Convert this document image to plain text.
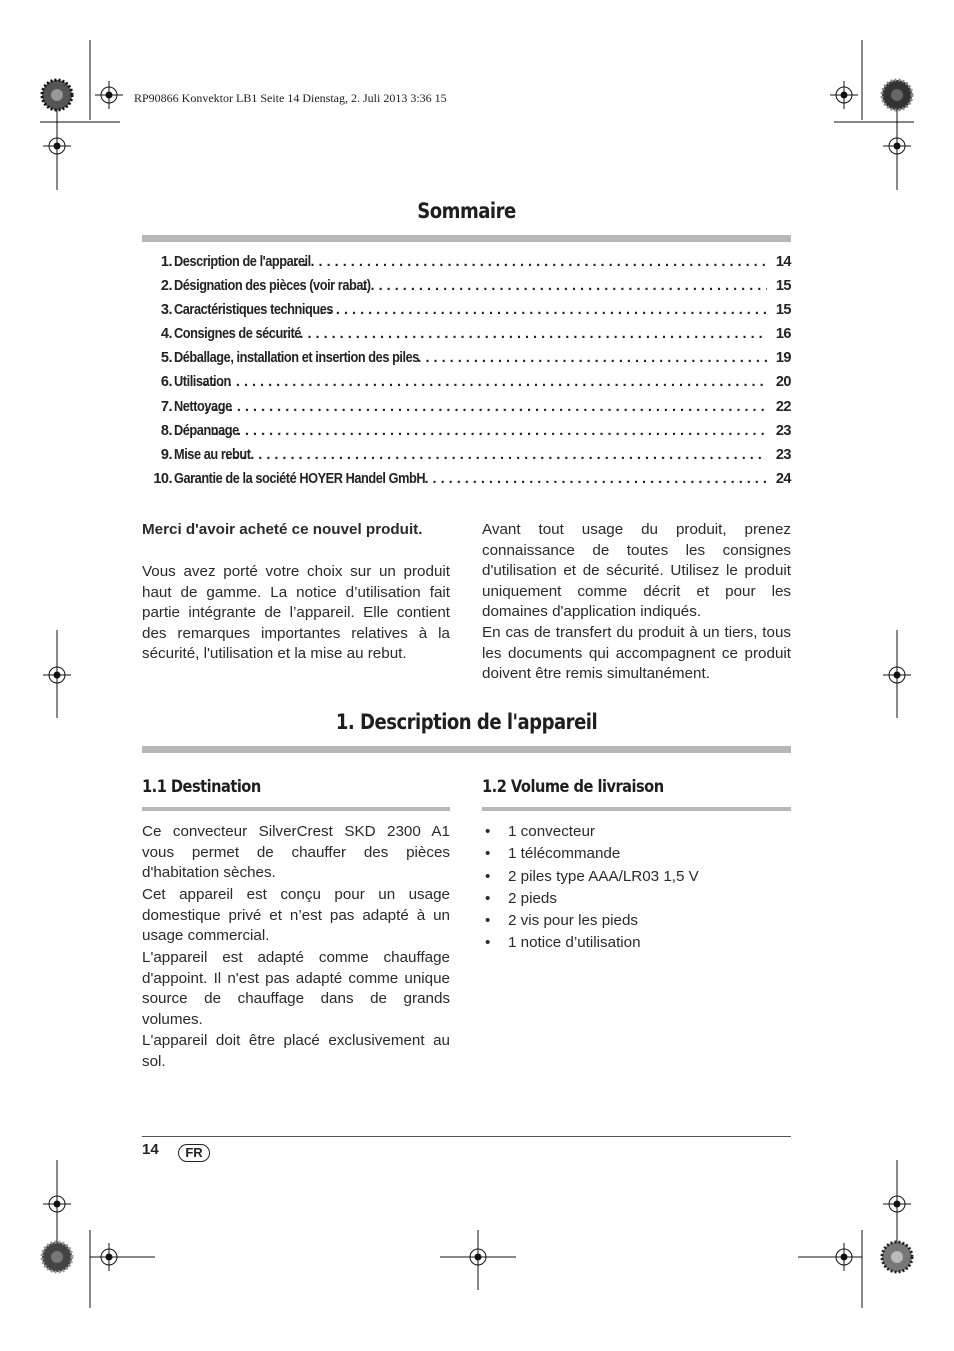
RP90866 Konvektor LB1 Seite 14 Dienstag, 2. Juli 2013 3:36 15
Sommaire
1. Description de l'appareil . . .	14
2. Désignation des pièces (voir rabat) . . .	15
3. Caractéristiques techniques . . .	15
4. Consignes de sécurité . . .	16
5. Déballage, installation et insertion des piles . . .	19
6. Utilisation . . .	20
7. Nettoyage . . .	22
8. Dépannage . . .	23
9. Mise au rebut . . .	23
10. Garantie de la société HOYER Handel GmbH . . .	24

Merci d'avoir acheté ce nouvel produit.

Vous avez porté votre choix sur un produit haut de gamme. La notice d’utilisation fait partie intégrante de l’appareil. Elle contient des remarques importantes relatives à la sécurité, l'utilisation et la mise au rebut.

Avant tout usage du produit, prenez connaissance de toutes les consignes d'utilisation et de sécurité. Utilisez le produit uniquement comme décrit et pour les domaines d'application indiqués.

En cas de transfert du produit à un tiers, tous les documents qui accompagnent ce produit doivent être remis simultanément.

1. Description de l'appareil
1.1 Destination

Ce convecteur SilverCrest SKD 2300 A1 vous permet de chauffer des pièces d'habitation sèches.

Cet appareil est conçu pour un usage domestique privé et n’est pas adapté à un usage commercial.

L'appareil est adapté comme chauffage d'appoint. Il n'est pas adapté comme unique source de chauffage dans de grands volumes.

L'appareil doit être placé exclusivement au sol.

1.2 Volume de livraison
• 1 convecteur
• 1 télécommande
• 2 piles type AAA/LR03 1,5 V
• 2 pieds
• 2 vis pour les pieds
• 1 notice d’utilisation
14	FR
